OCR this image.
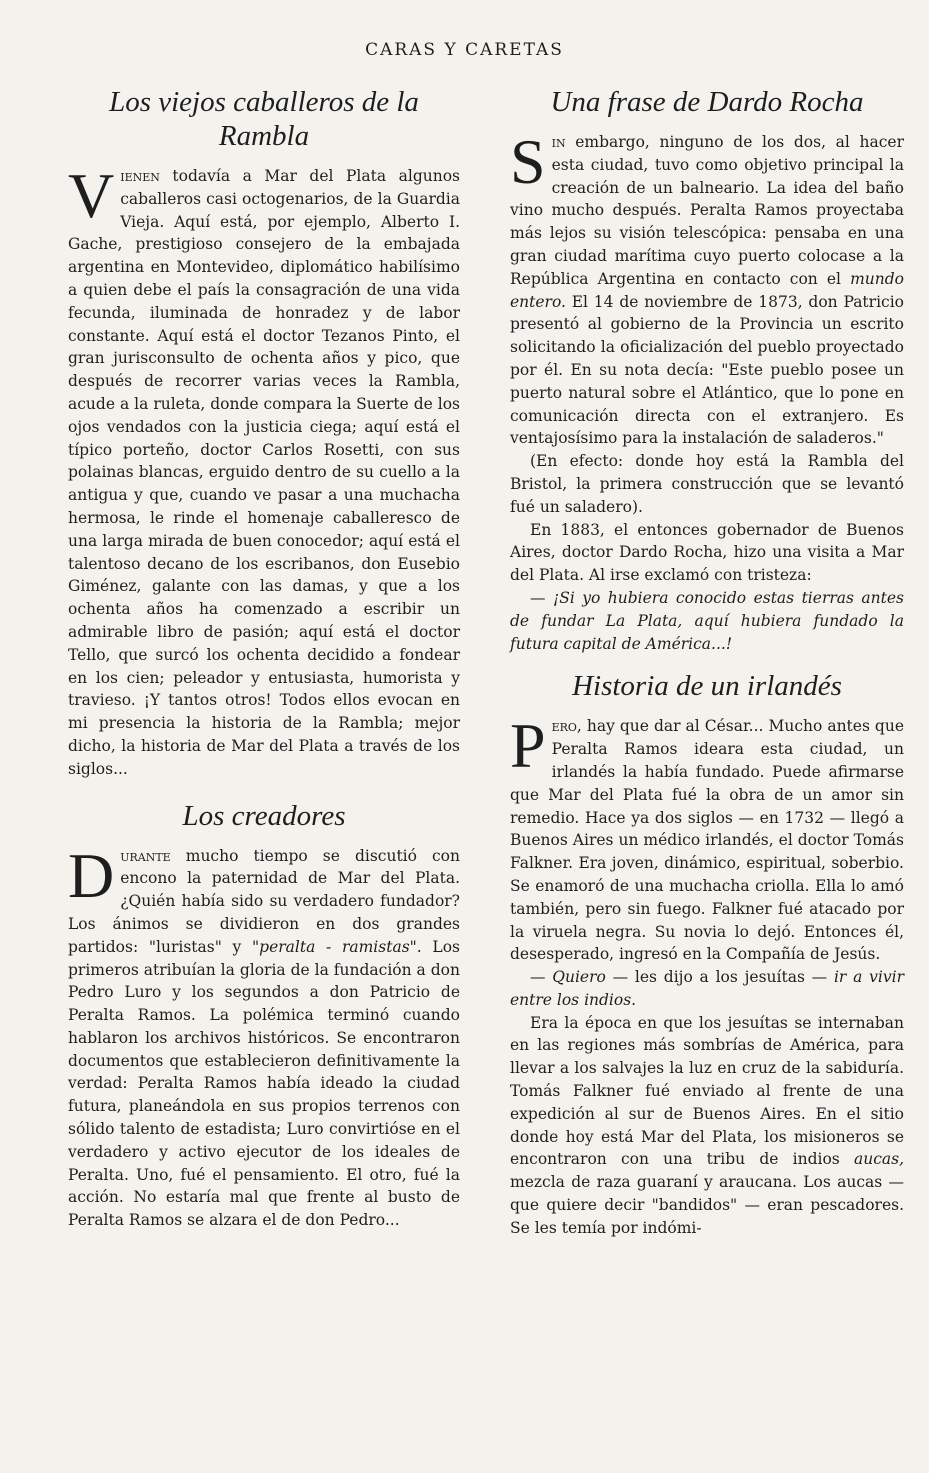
CARAS Y CARETAS
Los viejos caballeros de la Rambla

Vienen todavía a Mar del Plata algunos caballeros casi octogenarios, de la Guardia Vieja. Aquí está, por ejemplo, Alberto I. Gache, prestigioso consejero de la embajada argentina en Montevideo, diplomático habilísimo a quien debe el país la consagración de una vida fecunda, iluminada de honradez y de labor constante. Aquí está el doctor Tezanos Pinto, el gran jurisconsulto de ochenta años y pico, que después de recorrer varias veces la Rambla, acude a la ruleta, donde compara la Suerte de los ojos vendados con la justicia ciega; aquí está el típico porteño, doctor Carlos Rosetti, con sus polainas blancas, erguido dentro de su cuello a la antigua y que, cuando ve pasar a una muchacha hermosa, le rinde el homenaje caballeresco de una larga mirada de buen conocedor; aquí está el talentoso decano de los escribanos, don Eusebio Giménez, galante con las damas, y que a los ochenta años ha comenzado a escribir un admirable libro de pasión; aquí está el doctor Tello, que surcó los ochenta decidido a fondear en los cien; peleador y entusiasta, humorista y travieso. ¡Y tantos otros! Todos ellos evocan en mi presencia la historia de la Rambla; mejor dicho, la historia de Mar del Plata a través de los siglos...

Los creadores

Durante mucho tiempo se discutió con encono la paternidad de Mar del Plata. ¿Quién había sido su verdadero fundador? Los ánimos se dividieron en dos grandes partidos: "luristas" y "peralta - ramistas". Los primeros atribuían la gloria de la fundación a don Pedro Luro y los segundos a don Patricio de Peralta Ramos. La polémica terminó cuando hablaron los archivos históricos. Se encontraron documentos que establecieron definitivamente la verdad: Peralta Ramos había ideado la ciudad futura, planeándola en sus propios terrenos con sólido talento de estadista; Luro convirtióse en el verdadero y activo ejecutor de los ideales de Peralta. Uno, fué el pensamiento. El otro, fué la acción. No estaría mal que frente al busto de Peralta Ramos se alzara el de don Pedro...

Una frase de Dardo Rocha

Sin embargo, ninguno de los dos, al hacer esta ciudad, tuvo como objetivo principal la creación de un balneario. La idea del baño vino mucho después. Peralta Ramos proyectaba más lejos su visión telescópica: pensaba en una gran ciudad marítima cuyo puerto colocase a la República Argentina en contacto con el mundo entero. El 14 de noviembre de 1873, don Patricio presentó al gobierno de la Provincia un escrito solicitando la oficialización del pueblo proyectado por él. En su nota decía: "Este pueblo posee un puerto natural sobre el Atlántico, que lo pone en comunicación directa con el extranjero. Es ventajosísimo para la instalación de saladeros."

(En efecto: donde hoy está la Rambla del Bristol, la primera construcción que se levantó fué un saladero).

En 1883, el entonces gobernador de Buenos Aires, doctor Dardo Rocha, hizo una visita a Mar del Plata. Al irse exclamó con tristeza:

— ¡Si yo hubiera conocido estas tierras antes de fundar La Plata, aquí hubiera fundado la futura capital de América...!

Historia de un irlandés

Pero, hay que dar al César... Mucho antes que Peralta Ramos ideara esta ciudad, un irlandés la había fundado. Puede afirmarse que Mar del Plata fué la obra de un amor sin remedio. Hace ya dos siglos — en 1732 — llegó a Buenos Aires un médico irlandés, el doctor Tomás Falkner. Era joven, dinámico, espiritual, soberbio. Se enamoró de una muchacha criolla. Ella lo amó también, pero sin fuego. Falkner fué atacado por la viruela negra. Su novia lo dejó. Entonces él, desesperado, ingresó en la Compañía de Jesús.

— Quiero — les dijo a los jesuítas — ir a vivir entre los indios.

Era la época en que los jesuítas se internaban en las regiones más sombrías de América, para llevar a los salvajes la luz en cruz de la sabiduría. Tomás Falkner fué enviado al frente de una expedición al sur de Buenos Aires. En el sitio donde hoy está Mar del Plata, los misioneros se encontraron con una tribu de indios aucas, mezcla de raza guaraní y araucana. Los aucas — que quiere decir "bandidos" — eran pescadores. Se les temía por indómi-
